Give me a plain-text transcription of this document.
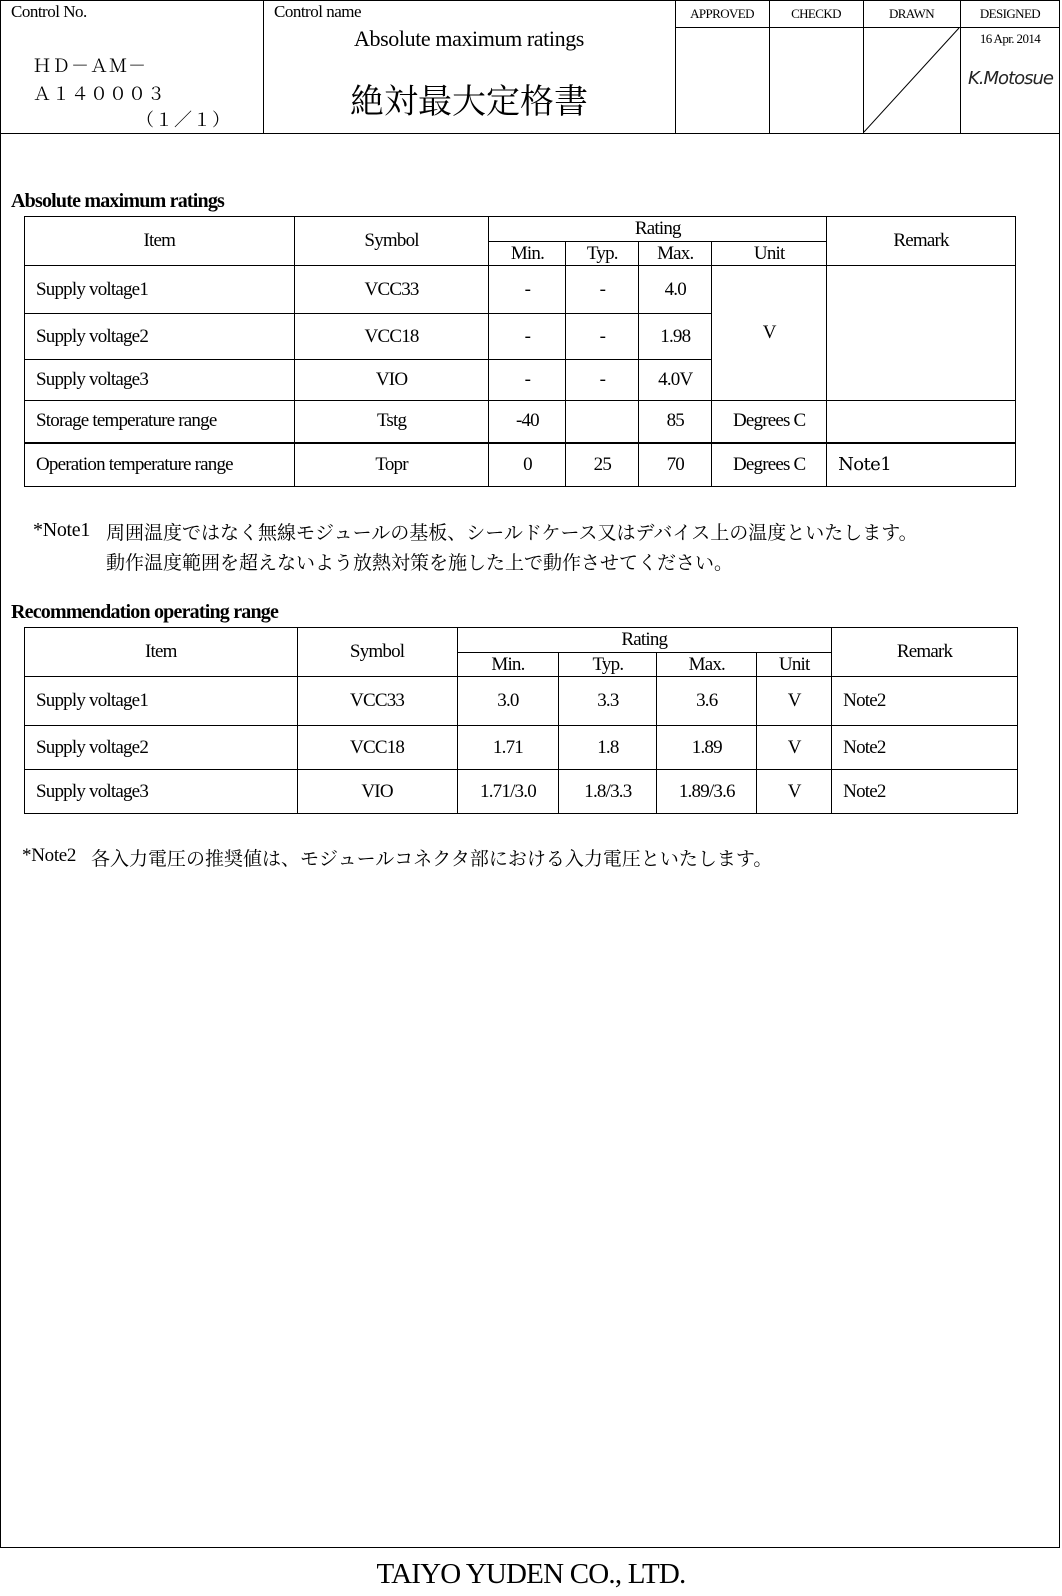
Control No.
ＨＤ－ＡＭ－
Ａ１４０００３
（１／１）
Control name
Absolute maximum ratings
絶対最大定格書
APPROVED	CHECKD	DRAWN	DESIGNED
16 Apr. 2014
K.Motosue
Absolute maximum ratings
Item	Symbol	Rating				Remark
		Min.	Typ.	Max.	Unit	
Supply voltage1	VCC33	-	-	4.0	V	
Supply voltage2	VCC18	-	-	1.98		
Supply voltage3	VIO	-	-	4.0V		
Storage temperature range	Tstg	-40		85	Degrees C	
Operation temperature range	Topr	0	25	70	Degrees C	Note1
*Note1 周囲温度ではなく無線モジュールの基板、シールドケース又はデバイス上の温度といたします。
動作温度範囲を超えないよう放熱対策を施した上で動作させてください。
Recommendation operating range
Item	Symbol	Rating				Remark
		Min.	Typ.	Max.	Unit	
Supply voltage1	VCC33	3.0	3.3	3.6	V	Note2
Supply voltage2	VCC18	1.71	1.8	1.89	V	Note2
Supply voltage3	VIO	1.71/3.0	1.8/3.3	1.89/3.6	V	Note2
*Note2 各入力電圧の推奨値は、モジュールコネクタ部における入力電圧といたします。
TAIYO YUDEN CO., LTD.
